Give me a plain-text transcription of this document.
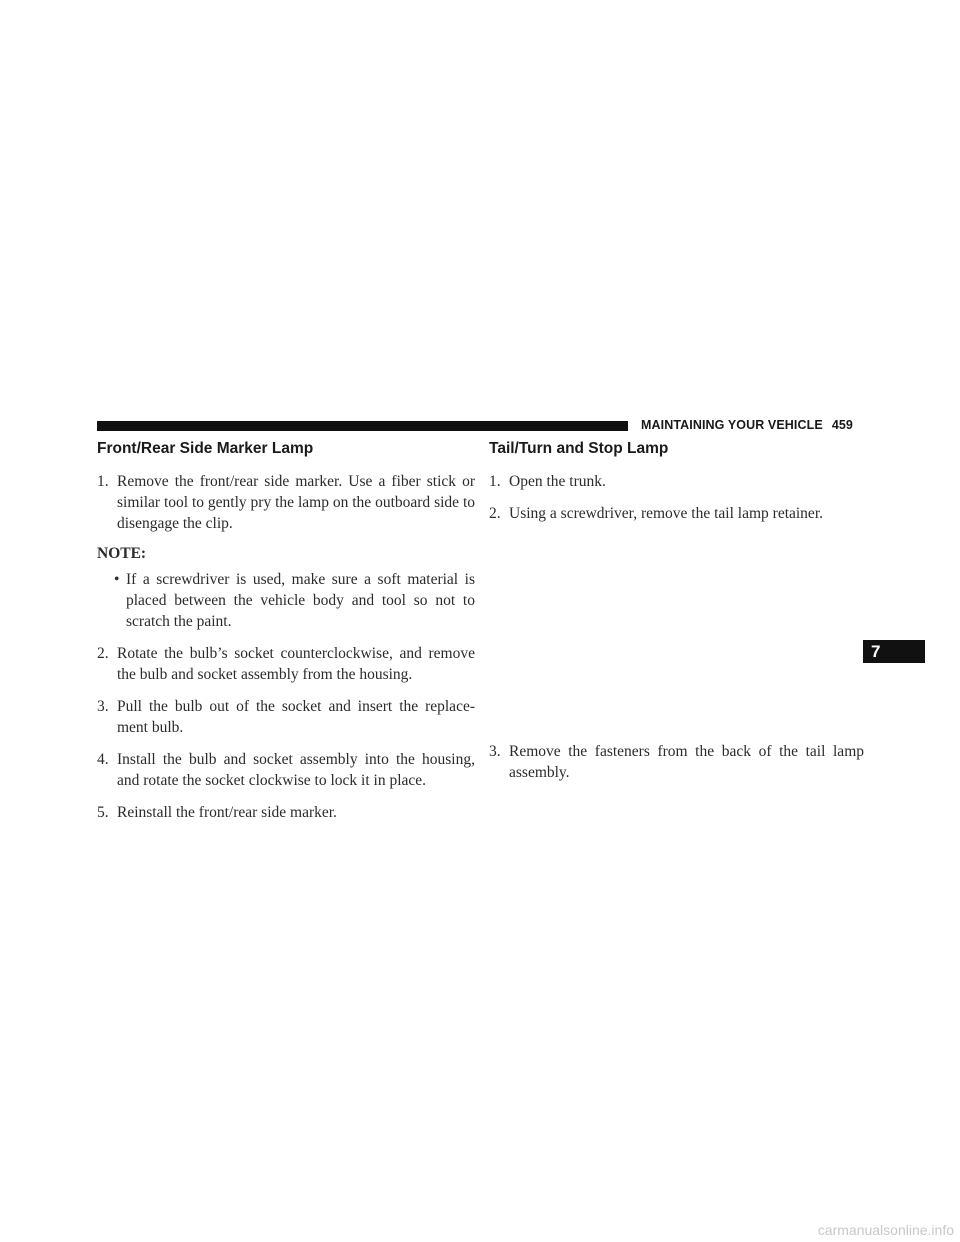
MAINTAINING YOUR VEHICLE 459
Front/Rear Side Marker Lamp
1. Remove the front/rear side marker. Use a fiber stick or similar tool to gently pry the lamp on the outboard side to disengage the clip.
NOTE:
• If a screwdriver is used, make sure a soft material is placed between the vehicle body and tool so not to scratch the paint.
2. Rotate the bulb’s socket counterclockwise, and remove the bulb and socket assembly from the housing.
3. Pull the bulb out of the socket and insert the replace-ment bulb.
4. Install the bulb and socket assembly into the housing, and rotate the socket clockwise to lock it in place.
5. Reinstall the front/rear side marker.
Tail/Turn and Stop Lamp
1. Open the trunk.
2. Using a screwdriver, remove the tail lamp retainer.
3. Remove the fasteners from the back of the tail lamp assembly.
7
carmanualsonline.info
